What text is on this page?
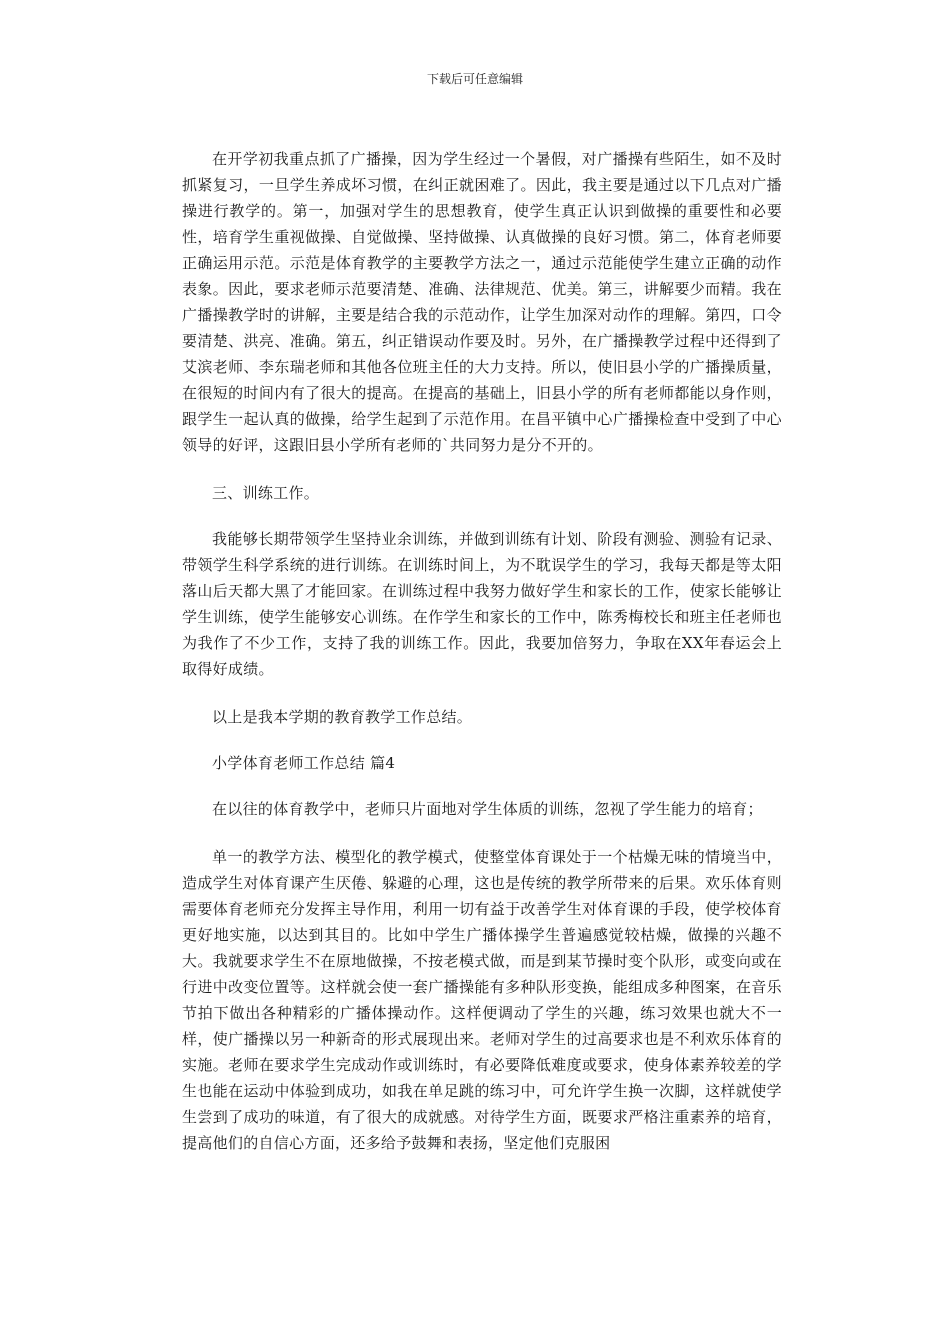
下载后可任意编辑

在开学初我重点抓了广播操，因为学生经过一个暑假，对广播操有些陌生，如不及时抓紧复习，一旦学生养成坏习惯，在纠正就困难了。因此，我主要是通过以下几点对广播操进行教学的。第一，加强对学生的思想教育，使学生真正认识到做操的重要性和必要性，培育学生重视做操、自觉做操、坚持做操、认真做操的良好习惯。第二，体育老师要正确运用示范。示范是体育教学的主要教学方法之一，通过示范能使学生建立正确的动作表象。因此，要求老师示范要清楚、准确、法律规范、优美。第三，讲解要少而精。我在广播操教学时的讲解，主要是结合我的示范动作，让学生加深对动作的理解。第四，口令要清楚、洪亮、准确。第五，纠正错误动作要及时。另外，在广播操教学过程中还得到了艾滨老师、李东瑞老师和其他各位班主任的大力支持。所以，使旧县小学的广播操质量，在很短的时间内有了很大的提高。在提高的基础上，旧县小学的所有老师都能以身作则，跟学生一起认真的做操，给学生起到了示范作用。在昌平镇中心广播操检查中受到了中心领导的好评，这跟旧县小学所有老师的`共同努力是分不开的。

三、训练工作。

我能够长期带领学生坚持业余训练，并做到训练有计划、阶段有测验、测验有记录、带领学生科学系统的进行训练。在训练时间上，为不耽误学生的学习，我每天都是等太阳落山后天都大黑了才能回家。在训练过程中我努力做好学生和家长的工作，使家长能够让学生训练，使学生能够安心训练。在作学生和家长的工作中，陈秀梅校长和班主任老师也为我作了不少工作，支持了我的训练工作。因此，我要加倍努力，争取在XX年春运会上取得好成绩。

以上是我本学期的教育教学工作总结。

小学体育老师工作总结 篇4

在以往的体育教学中，老师只片面地对学生体质的训练，忽视了学生能力的培育；

单一的教学方法、模型化的教学模式，使整堂体育课处于一个枯燥无味的情境当中，造成学生对体育课产生厌倦、躲避的心理，这也是传统的教学所带来的后果。欢乐体育则需要体育老师充分发挥主导作用，利用一切有益于改善学生对体育课的手段，使学校体育更好地实施，以达到其目的。比如中学生广播体操学生普遍感觉较枯燥，做操的兴趣不大。我就要求学生不在原地做操，不按老模式做，而是到某节操时变个队形，或变向或在行进中改变位置等。这样就会使一套广播操能有多种队形变换，能组成多种图案，在音乐节拍下做出各种精彩的广播体操动作。这样便调动了学生的兴趣，练习效果也就大不一样，使广播操以另一种新奇的形式展现出来。老师对学生的过高要求也是不利欢乐体育的实施。老师在要求学生完成动作或训练时，有必要降低难度或要求，使身体素养较差的学生也能在运动中体验到成功，如我在单足跳的练习中，可允许学生换一次脚，这样就使学生尝到了成功的味道，有了很大的成就感。对待学生方面，既要求严格注重素养的培育，提高他们的自信心方面，还多给予鼓舞和表扬，坚定他们克服困
